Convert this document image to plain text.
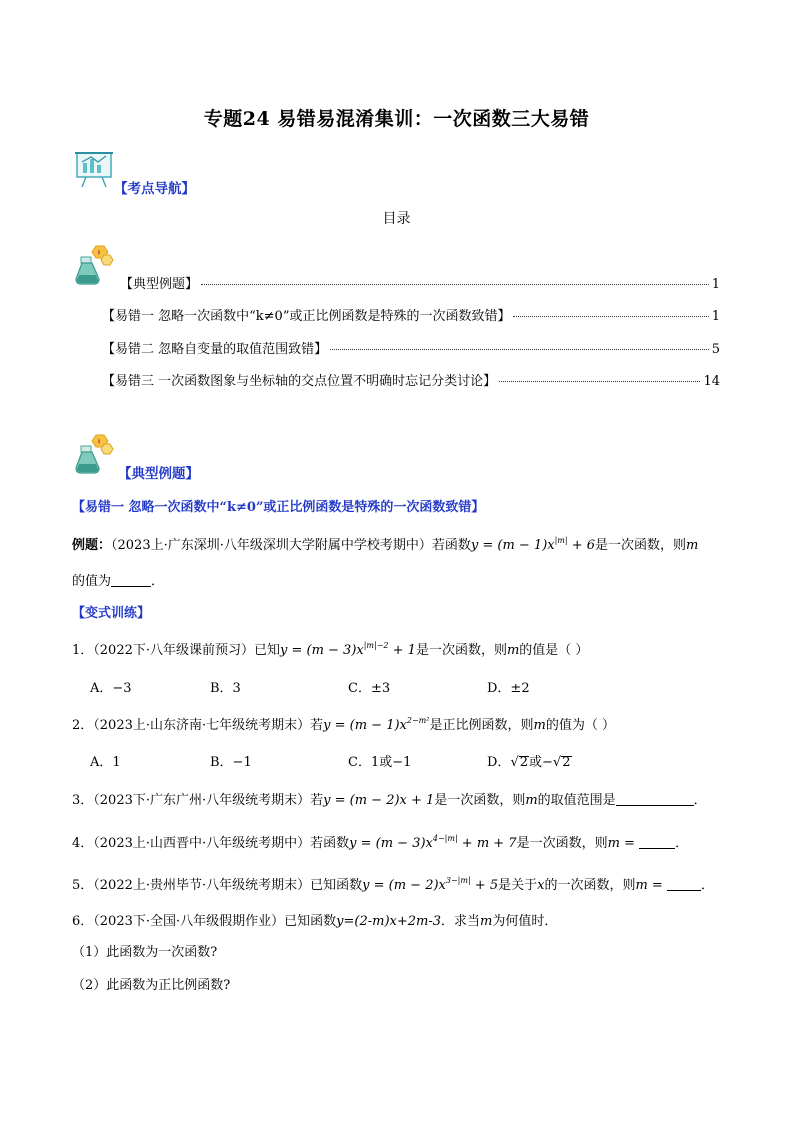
专题24 易错易混淆集训：一次函数三大易错
【考点导航】
目录
【典型例题】	1
【易错一 忽略一次函数中“k≠0”或正比例函数是特殊的一次函数致错】	1
【易错二 忽略自变量的取值范围致错】	5
【易错三 一次函数图象与坐标轴的交点位置不明确时忘记分类讨论】	14
【典型例题】
【易错一 忽略一次函数中“k≠0”或正比例函数是特殊的一次函数致错】
例题：（2023上·广东深圳·八年级深圳大学附属中学校考期中）若函数$y = (m - 1)x^{|m|} + 6$是一次函数，则m
的值为	．
【变式训练】
1．（2022下·八年级课前预习）已知$y = (m - 3)x^{|m|-2} + 1$是一次函数，则m的值是（ ）
A．−3	B．3	C．±3	D．±2
2．（2023上·山东济南·七年级统考期末）若$y = (m - 1)x^{2-m^2}$是正比例函数，则m的值为（ ）
A．1	B．−1	C．1或−1	D．√2或−√2
3．（2023下·广东广州·八年级统考期末）若y = (m − 2)x + 1是一次函数，则m的取值范围是	．
4．（2023上·山西晋中·八年级统考期中）若函数$y = (m - 3)x^{4-|m|} + m + 7$是一次函数，则m =	．
5．（2022上·贵州毕节·八年级统考期末）已知函数$y = (m - 2)x^{3-|m|} + 5$是关于x的一次函数，则m =	．
6．（2023下·全国·八年级假期作业）已知函数y=(2-m)x+2m-3．求当m为何值时．
（1）此函数为一次函数?
（2）此函数为正比例函数?
